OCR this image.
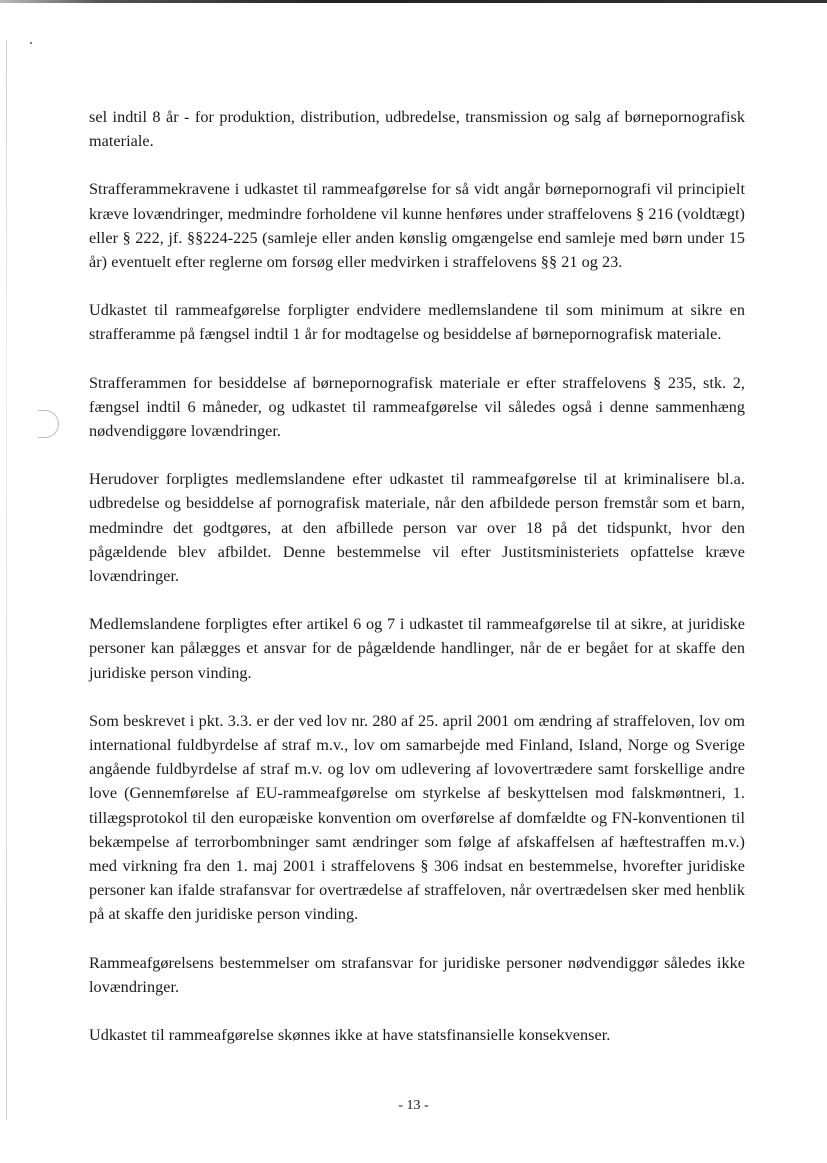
sel indtil 8 år - for produktion, distribution, udbredelse, transmission og salg af børnepornografisk materiale.

Strafferammekravene i udkastet til rammeafgørelse for så vidt angår børnepornografi vil principielt kræve lovændringer, medmindre forholdene vil kunne henføres under straffelovens § 216 (voldtægt) eller § 222, jf. §§224-225 (samleje eller anden kønslig omgængelse end samleje med børn under 15 år) eventuelt efter reglerne om forsøg eller medvirken i straffelovens §§ 21 og 23.

Udkastet til rammeafgørelse forpligter endvidere medlemslandene til som minimum at sikre en strafferamme på fængsel indtil 1 år for modtagelse og besiddelse af børnepornografisk materiale.

Strafferammen for besiddelse af børnepornografisk materiale er efter straffelovens § 235, stk. 2, fængsel indtil 6 måneder, og udkastet til rammeafgørelse vil således også i denne sammenhæng nødvendiggøre lovændringer.

Herudover forpligtes medlemslandene efter udkastet til rammeafgørelse til at kriminalisere bl.a. udbredelse og besiddelse af pornografisk materiale, når den afbildede person fremstår som et barn, medmindre det godtgøres, at den afbillede person var over 18 på det tidspunkt, hvor den pågældende blev afbildet. Denne bestemmelse vil efter Justitsministeriets opfattelse kræve lovændringer.

Medlemslandene forpligtes efter artikel 6 og 7 i udkastet til rammeafgørelse til at sikre, at juridiske personer kan pålægges et ansvar for de pågældende handlinger, når de er begået for at skaffe den juridiske person vinding.

Som beskrevet i pkt. 3.3. er der ved lov nr. 280 af 25. april 2001 om ændring af straffeloven, lov om international fuldbyrdelse af straf m.v., lov om samarbejde med Finland, Island, Norge og Sverige angående fuldbyrdelse af straf m.v. og lov om udlevering af lovovertrædere samt forskellige andre love (Gennemførelse af EU-rammeafgørelse om styrkelse af beskyttelsen mod falskmøntneri, 1. tillægsprotokol til den europæiske konvention om overførelse af domfældte og FN-konventionen til bekæmpelse af terrorbombninger samt ændringer som følge af afskaffelsen af hæftestraffen m.v.) med virkning fra den 1. maj 2001 i straffelovens § 306 indsat en bestemmelse, hvorefter juridiske personer kan ifalde strafansvar for overtrædelse af straffeloven, når overtrædelsen sker med henblik på at skaffe den juridiske person vinding.

Rammeafgørelsens bestemmelser om strafansvar for juridiske personer nødvendiggør således ikke lovændringer.

Udkastet til rammeafgørelse skønnes ikke at have statsfinansielle konsekvenser.

- 13 -
